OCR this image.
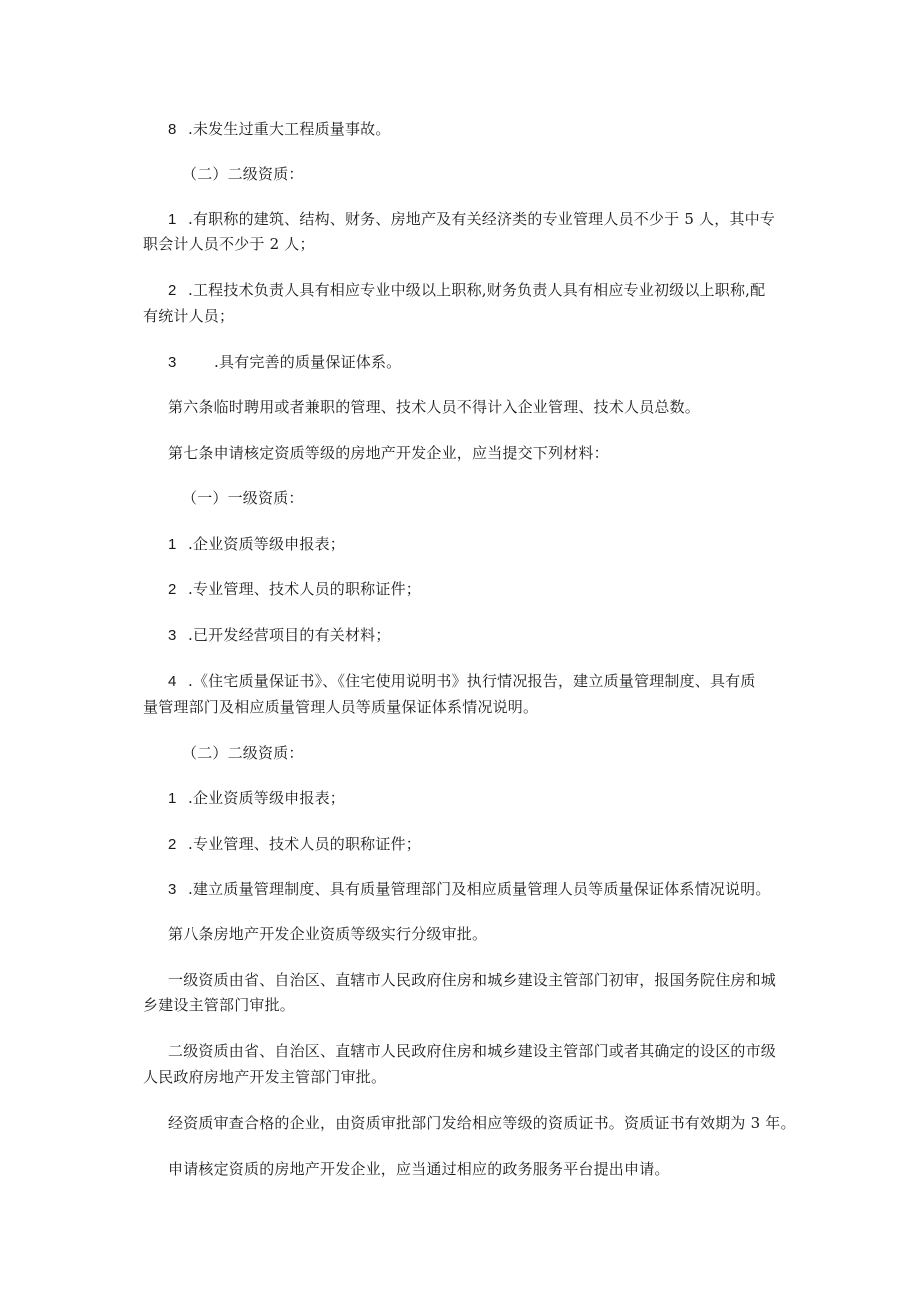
8 .未发生过重大工程质量事故。
（二）二级资质：
1 .有职称的建筑、结构、财务、房地产及有关经济类的专业管理人员不少于 5 人，其中专
职会计人员不少于 2 人；
2 .工程技术负责人具有相应专业中级以上职称,财务负责人具有相应专业初级以上职称,配
有统计人员；
3 .具有完善的质量保证体系。
第六条临时聘用或者兼职的管理、技术人员不得计入企业管理、技术人员总数。
第七条申请核定资质等级的房地产开发企业，应当提交下列材料：
（一）一级资质：
1 .企业资质等级申报表；
2 .专业管理、技术人员的职称证件；
3 .已开发经营项目的有关材料；
4 .《住宅质量保证书》、《住宅使用说明书》执行情况报告，建立质量管理制度、具有质
量管理部门及相应质量管理人员等质量保证体系情况说明。
（二）二级资质：
1 .企业资质等级申报表；
2 .专业管理、技术人员的职称证件；
3 .建立质量管理制度、具有质量管理部门及相应质量管理人员等质量保证体系情况说明。
第八条房地产开发企业资质等级实行分级审批。
一级资质由省、自治区、直辖市人民政府住房和城乡建设主管部门初审，报国务院住房和城
乡建设主管部门审批。
二级资质由省、自治区、直辖市人民政府住房和城乡建设主管部门或者其确定的设区的市级
人民政府房地产开发主管部门审批。
经资质审查合格的企业，由资质审批部门发给相应等级的资质证书。资质证书有效期为 3 年。
申请核定资质的房地产开发企业，应当通过相应的政务服务平台提出申请。
